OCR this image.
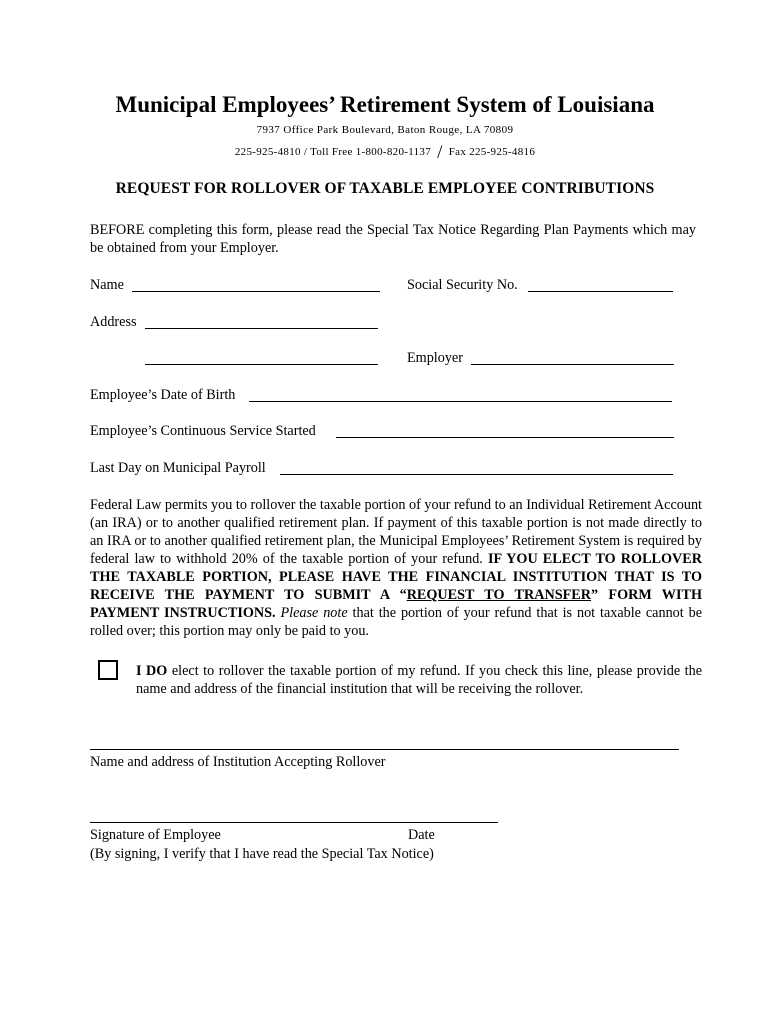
Municipal Employees’ Retirement System of Louisiana
7937 Office Park Boulevard, Baton Rouge, LA 70809
225-925-4810 / Toll Free 1-800-820-1137 / Fax 225-925-4816
REQUEST FOR ROLLOVER OF TAXABLE EMPLOYEE CONTRIBUTIONS
BEFORE completing this form, please read the Special Tax Notice Regarding Plan Payments which may be obtained from your Employer.
Name	Social Security No.
Address
Employer
Employee’s Date of Birth
Employee’s Continuous Service Started
Last Day on Municipal Payroll
Federal Law permits you to rollover the taxable portion of your refund to an Individual Retirement Account (an IRA) or to another qualified retirement plan. If payment of this taxable portion is not made directly to an IRA or to another qualified retirement plan, the Municipal Employees’ Retirement System is required by federal law to withhold 20% of the taxable portion of your refund. IF YOU ELECT TO ROLLOVER THE TAXABLE PORTION, PLEASE HAVE THE FINANCIAL INSTITUTION THAT IS TO RECEIVE THE PAYMENT TO SUBMIT A “REQUEST TO TRANSFER” FORM WITH PAYMENT INSTRUCTIONS. Please note that the portion of your refund that is not taxable cannot be rolled over; this portion may only be paid to you.
I DO elect to rollover the taxable portion of my refund. If you check this line, please provide the name and address of the financial institution that will be receiving the rollover.
Name and address of Institution Accepting Rollover
Signature of Employee	Date
(By signing, I verify that I have read the Special Tax Notice)
